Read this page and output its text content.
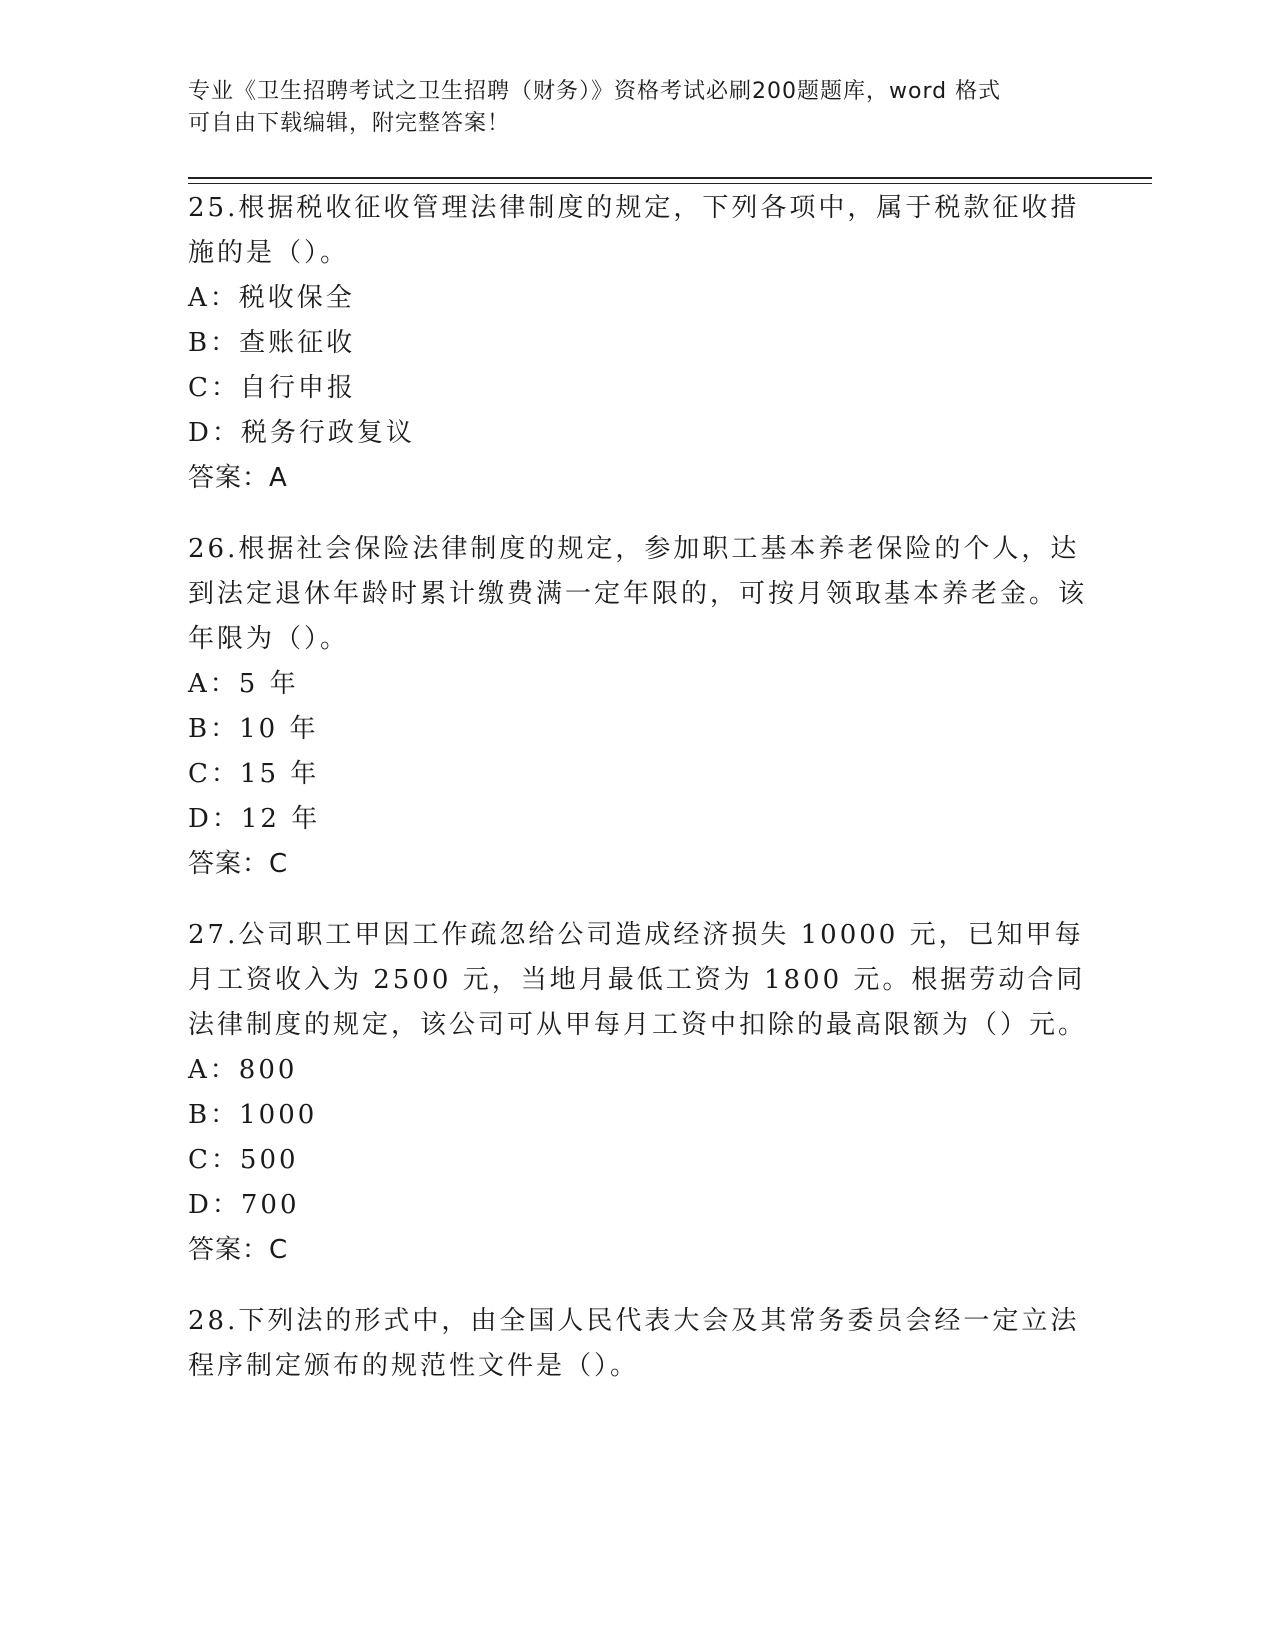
专业《卫生招聘考试之卫生招聘（财务）》资格考试必刷200题题库，word 格式
可自由下载编辑，附完整答案！
25.根据税收征收管理法律制度的规定，下列各项中，属于税款征收措施的是（）。
A： 税收保全
B： 查账征收
C： 自行申报
D： 税务行政复议
答案：A
26.根据社会保险法律制度的规定，参加职工基本养老保险的个人，达到法定退休年龄时累计缴费满一定年限的，可按月领取基本养老金。该年限为（）。
A： 5 年
B： 10 年
C： 15 年
D： 12 年
答案：C
27.公司职工甲因工作疏忽给公司造成经济损失 10000 元，已知甲每月工资收入为 2500 元，当地月最低工资为 1800 元。根据劳动合同法律制度的规定，该公司可从甲每月工资中扣除的最高限额为（）元。
A： 800
B： 1000
C： 500
D： 700
答案：C
28.下列法的形式中，由全国人民代表大会及其常务委员会经一定立法程序制定颁布的规范性文件是（）。
